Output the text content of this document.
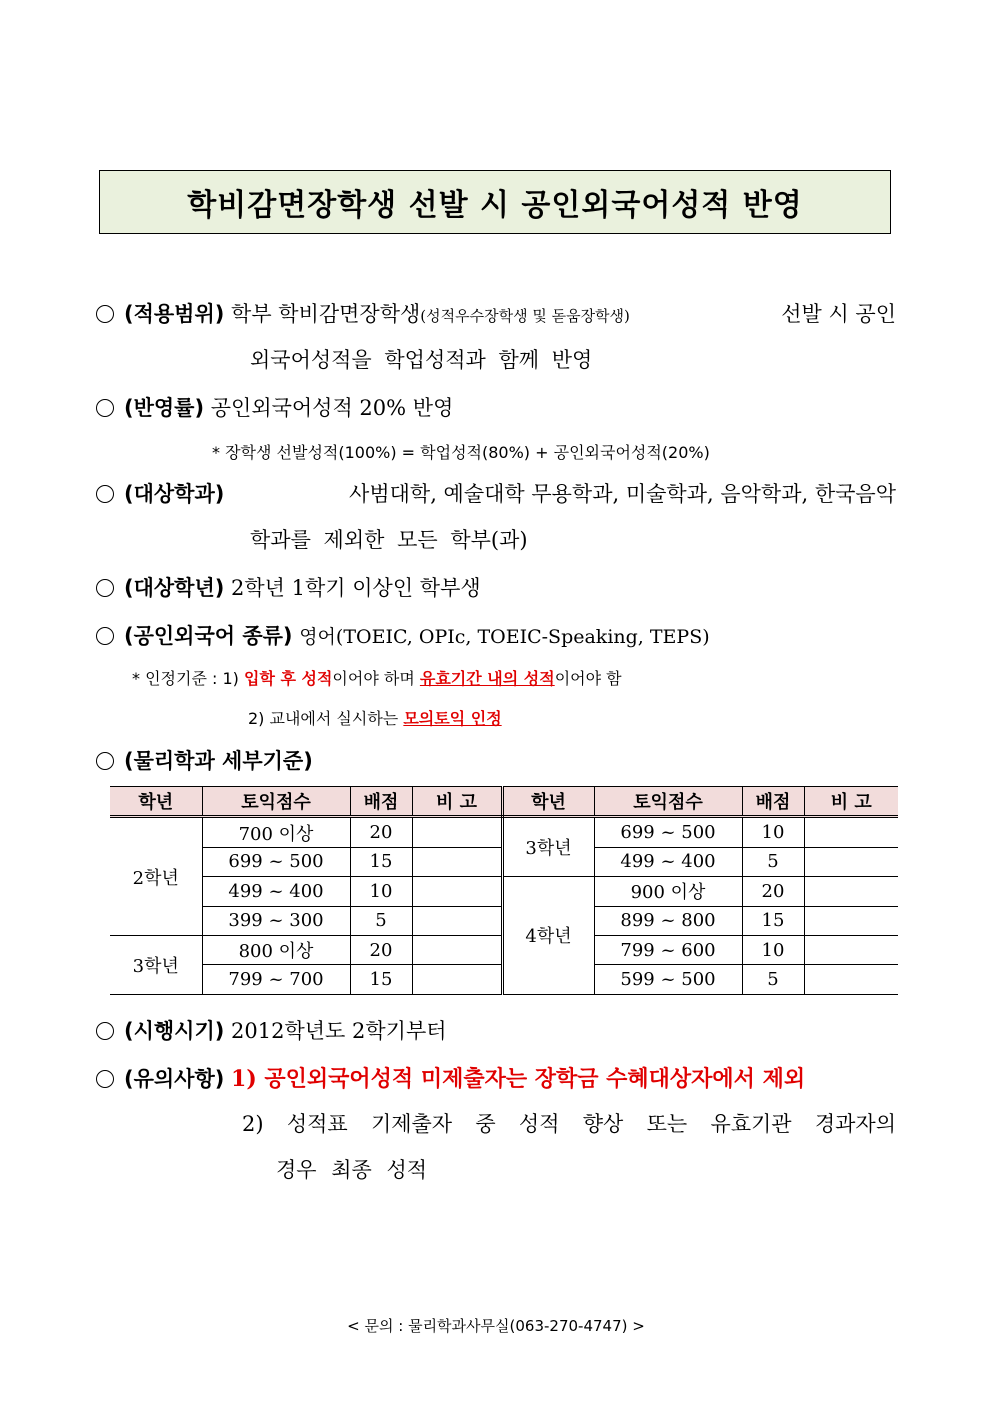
학비감면장학생 선발 시 공인외국어성적 반영
(적용범위) 학부 학비감면장학생(성적우수장학생 및 돋움장학생)	선발 시 공인
외국어성적을 학업성적과 함께 반영
(반영률) 공인외국어성적 20% 반영
* 장학생 선발성적(100%) = 학업성적(80%) + 공인외국어성적(20%)
(대상학과)	사범대학, 예술대학 무용학과, 미술학과, 음악학과, 한국음악
학과를 제외한 모든 학부(과)
(대상학년) 2학년 1학기 이상인 학부생
(공인외국어 종류) 영어(TOEIC, OPIc, TOEIC-Speaking, TEPS)
* 인정기준 : 1) 입학 후 성적이어야 하며 유효기간 내의 성적이어야 함
2) 교내에서 실시하는 모의토익 인정
(물리학과 세부기준)
학년	토익점수	배점	비 고	학년	토익점수	배점	비 고
2학년	700 이상	20		3학년	699 ~ 500	10	
	699 ~ 500	15			499 ~ 400	5	
	499 ~ 400	10		4학년	900 이상	20	
	399 ~ 300	5			899 ~ 800	15	
3학년	800 이상	20			799 ~ 600	10	
	799 ~ 700	15			599 ~ 500	5	
(시행시기) 2012학년도 2학기부터
(유의사항) 1) 공인외국어성적 미제출자는 장학금 수혜대상자에서 제외
2) 성적표 기제출자 중 성적 향상 또는 유효기관 경과자의
경우 최종 성적
< 문의 : 물리학과사무실(063-270-4747) >
